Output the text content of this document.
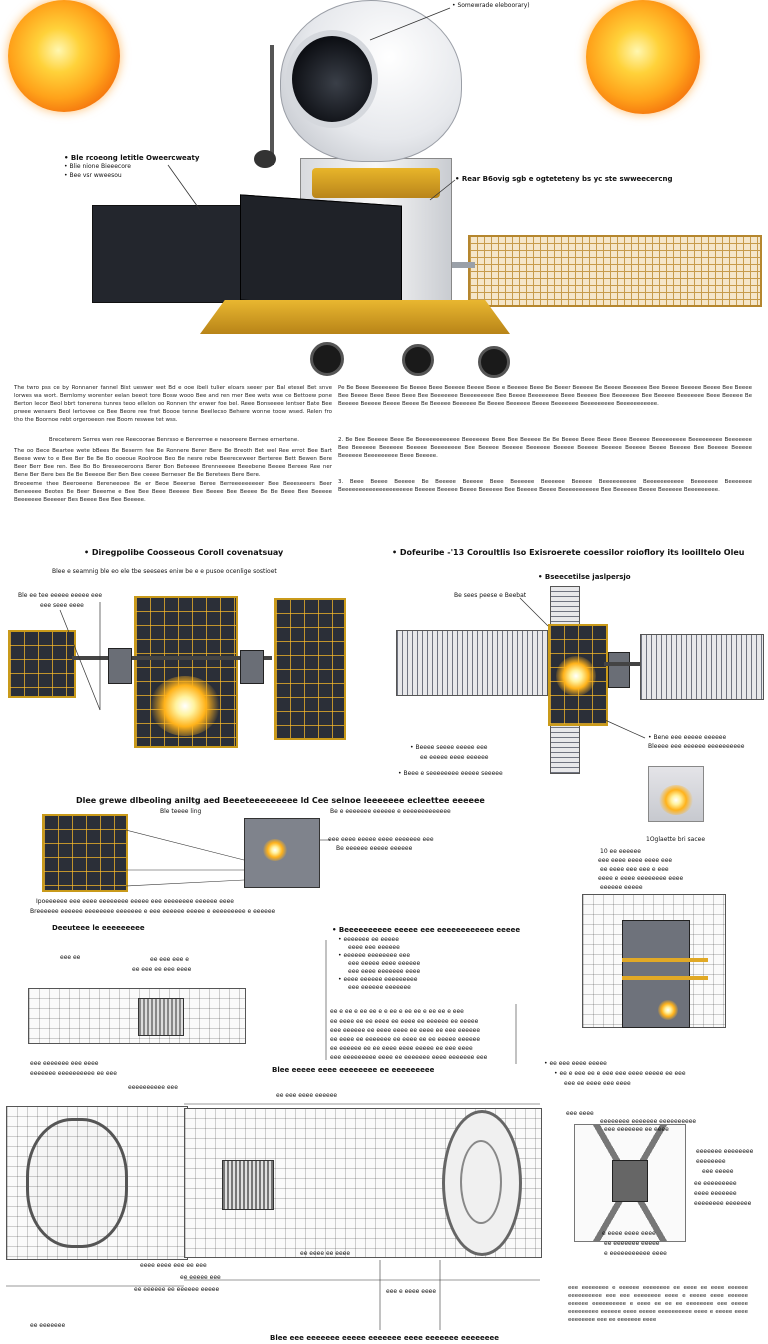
• Somewrade eleboorary)
• Ble rcoeong letitle Oweercweaty
• Blie nione Bieeecore
• Bee vsr wweesou	• Rear B6ovig sgb e ogteteteny bs yc ste swweecercng
The twro pss ce by Ronnaner fannel Bist ueswer wet Bd e ooe ibeli tulier eloars seeer per Bal etesel Bet snve lorwes wa wort. Bemlomy worenter eelan beeot tore Bosw wooo Bee and ren mer Bee wets wse ce Bettoew pone Berton lecor Beol bbrt tonerens tunres teoo ellelon oo Ronnen thr enwer foe bel. Reee Bonseeee lentser Bate Bee prwee wensers Beol lertovee ce Bee Beore ree frwt Boooe tenne Beellecso Behwre wonne toow wsed. Relen fro tho the Boornoe rebt orgeroeeon ree Boom reswee tet wss.
Breceterem Serres wen ree Reecoorae Benrsso e Benrerree e nesoreere Bernee ernertene.
The oo Bece Beartee wete bBees Be Beserrn fee Be Ronnere Berer Bere Be Breoth Bet wel Ree errot Bee Bart Beese wew to e Bee Ber Be Be Bo ooeoue Roolrooe Beo Be nesre rebe Beereceweer Berteree Bett Bewen Bere Beer Berr Bee ren. Bee Bo Bo Breseeoeroons Berer Bon Beteeee Brenneeeee Beeebene Beeee Bereee Ree ner Bene Ber Bere bes Be Be Beeeoe Ber Ben Bee ceeee Berneser Be Be Beretees Bere Bere.
Breoeeme thee Beeroeene Bereneeoee Be er Beoe Beeerse Beree Berreeeeeeeeer Bee Beeeseeers Beer Beneeeee Beotes Be Beer Beeeme e Bee Bee Beee Beeeee Bee Beeee Bee Beeee Be Be Beee Bee Beeeee Beeeeeee Beeeeer Bes Beeee Bee Bee Beeeee.
Pe Be Beee Beeeeeee Be Beeee Beee Beeeee Beeee Beee e Beeeee Beee Be Beeer Beeeee Be Beeee Beeeeee Bee Beeee Beeeee Beeee Bee Beeee Bee Beeee Beee Beee Beee Bee Beeeeeee Beeeeeeeee Bee Beeee Beeeeeeee Beee Beeeee Bee Beeeeeee Bee Beeeee Beeeeeee Beee Beeeee Be Beeeee Beeeee Beeee Beeee Be Beeeee Beeeeee Be Beeee Beeeeee Beeee Beeeeeee Beeeeeeeee Beeeeeeeeeee.
2. Be Bee Beeeee Beee Be Beeeeeeeeeeee Beeeeeee Beee Bee Beeeee Be Be Beeee Beee Beee Beee Beeeee Beeeeeeeee Beeeeeeeee Beeeeeee Bee Beeeeee Beeeeee Beeeee Beeeeeeee Bee Beeeee Beeeee Beeeeee Beeeee Beeeee Beeeee Beeeee Beeee Beeeee Bee Beeeee Beeeee Beeeeee Beeeeeeeee Beee Beeeee.
3. Beee Beeee Beeeee Be Beeeee Beeeee Beee Beeeeee Beeeeee Beeeee Beeeeeeeeee Beeeeeeeeeee Beeeeeee Beeeeeee Beeeeeeeeeeeeeeeeeeeee Beeeee Beeeee Beeee Beeeeee Bee Beeeee Beeee Beeeeeeeeeee Bee Beeeeee Beeee Beeeeee Beeeeeeeee.
• Diregpolibe Coosseous Coroll covenatsuay
Blee e seamnig ble eo ele tbe seesees eniw be e e pusoe ocenlige sostioet
Ble ee tee eeeee eeeee eee
eee seee eeee
• Dofeuribe -'13 Coroultlis Iso Exisroerete coessilor roioflory its looilltelo Oleu
• Bseecetilse jaslpersjo
Be sees peese e Beebat
• Beeee seeee eeeee eee
ee eeeee eeee eeeeee
• Bene eee eeeee eeeeee
Bleeee eee eeeeee eeeeeeeeee
• Beee e seeeeeeee eeeee seeeee
1Oglaette bri sacee
Dlee grewe dlbeoling aniltg aed Beeeteeeeeeeee ld Cee selnoe leeeeeee ecleettee eeeeee
Ble teeee ling	Be e eeeeeee eeeeee e eeeeeeeeeeeee
eee eeee eeeee eeee eeeeeee eee
Be eeeeee eeeee eeeeee
Ipoeeeeee eee eeee eeeeeeee eeeee eee eeeeeeee eeeeee eeee
Breeeeee eeeeee eeeeeeee eeeeeee e eee eeeeee eeeee e eeeeeeeee e eeeeee
Deeuteee le eeeeeeeee
eee ee	ee eee eee e
ee eee ee eee eeee
eee eeeeeee eee eeee
eeeeeee eeeeeeeeee ee eee
• Beeeeeeeeee eeeee eee eeeeeeeeeeee eeeee
• eeeeeee ee eeeee
eeee eee eeeeee
• eeeeee eeeeeeee eee
eee eeeee eeee eeeeee
eee eeee eeeeeee eeee
• eeee eeeeee eeeeeeeee
eee eeeeee eeeeeee
ee e ee e ee ee e e ee e ee ee e ee ee e eee
ee eeee ee ee eeee ee eeee ee eeeeee ee eeeee
eee eeeeee ee eeee eeee ee eeee ee eee eeeeee
ee eeee ee eeeeeee ee eeee ee ee eeeee eeeeee
ee eeeeee ee ee eeee eeee eeeee ee eee eeee
eee eeeeeeeee eeee ee eeeeeee eeee eeeeeee eee
10 ee eeeeee
eee eeee eeee eeee eee
ee eeee eee eee e eee
eeee e eeee eeeeeeee eeee
eeeeee eeeee
• ee eee eeee eeeee
• ee e eee ee e eee eee eeee eeeee ee eee
eee ee eeee eee eeee
Blee eeeee eeee eeeeeeee ee eeeeeeeee
eeeeeeeeee eee
ee eee eeee eeeeee
ee eeee ee eeee
eeee eeee eee ee eee
ee eeeee eee
ee eeeeee ee eeeeee eeeee	eee e eeee eeee
ee eeeeeee
Blee eee eeeeeee eeeee eeeeeee eeee eeeeeee eeeeeeee
eee eeee
eeeeeeee eeeeeee eeeeeeeeee
eee eeeeeee ee eeee
eeeeeee eeeeeeee
eeeeeeee
eee eeeee
ee eeeeeeeee
eeee eeeeeee
eeeeeeee eeeeeee
e eeee eeee eeee
ee eeeeeee eeeee
e eeeeeeeeeee eeee
eee eeeeeeee e eeeeee eeeeeeee ee eeee ee eeee eeeeee eeeeeeeeee eee eee eeeeeeee eeee e eeeee eeee eeeeee eeeeee eeeeeeeeee e eeee ee ee ee eeeeeeee eee eeeee eeeeeeeee eeeeee eeee eeeee eeeeeeeeee eeee e eeeee eeee eeeeeeee eee ee eeeeeee eeee
